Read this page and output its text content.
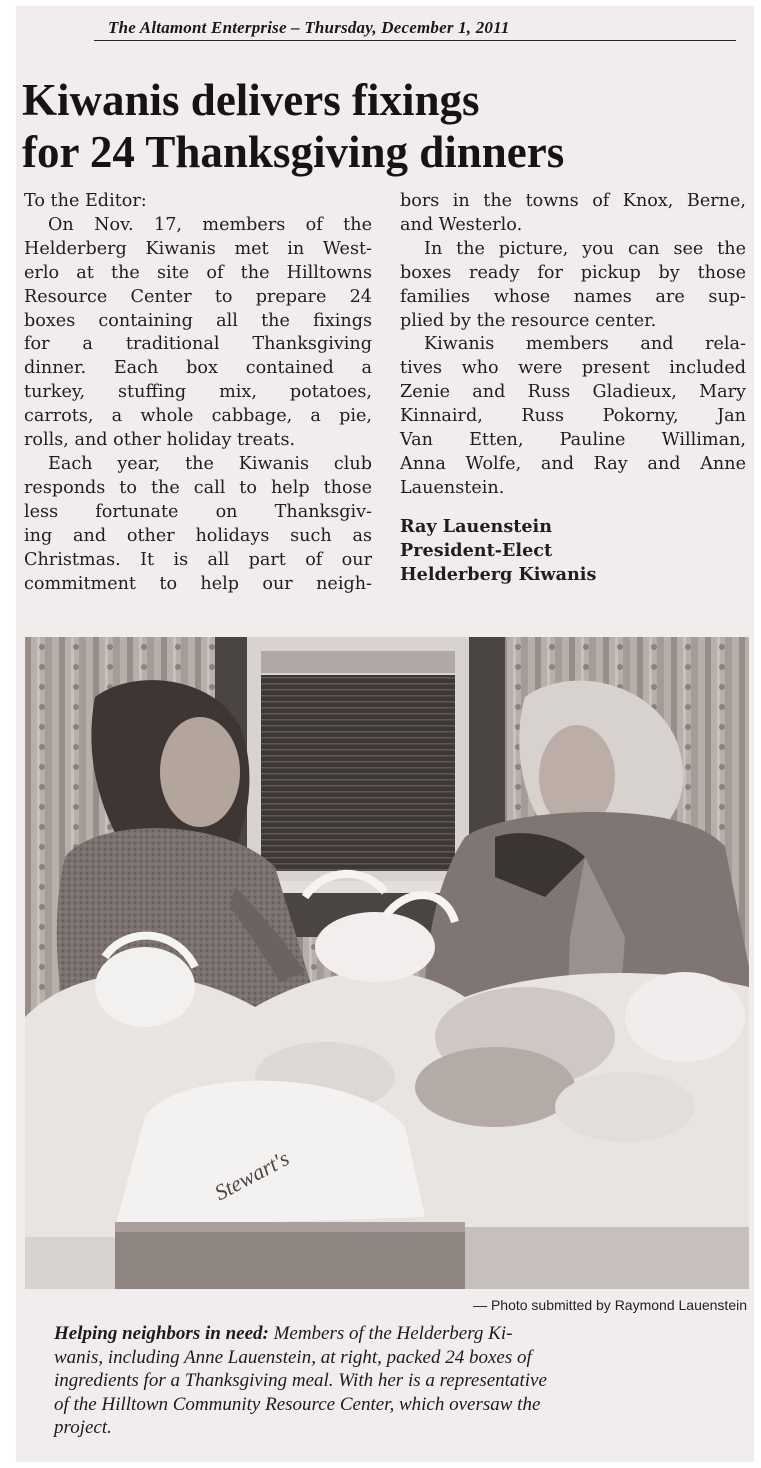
The Altamont Enterprise – Thursday, December 1, 2011
Kiwanis delivers fixings
for 24 Thanksgiving dinners

To the Editor:

On Nov. 17, members of the
Helderberg Kiwanis met in West-
erlo at the site of the Hilltowns
Resource Center to prepare 24
boxes containing all the fixings
for a traditional Thanksgiving
dinner. Each box contained a
turkey, stuffing mix, potatoes,
carrots, a whole cabbage, a pie,
rolls, and other holiday treats.
Each year, the Kiwanis club
responds to the call to help those
less fortunate on Thanksgiv-
ing and other holidays such as
Christmas. It is all part of our
commitment to help our neigh-

bors in the towns of Knox, Berne,
and Westerlo.
In the picture, you can see the
boxes ready for pickup by those
families whose names are sup-
plied by the resource center.
Kiwanis members and rela-
tives who were present included
Zenie and Russ Gladieux, Mary
Kinnaird, Russ Pokorny, Jan
Van Etten, Pauline Williman,
Anna Wolfe, and Ray and Anne
Lauenstein.

Ray Lauenstein
President-Elect
Helderberg Kiwanis
Stewart's
— Photo submitted by Raymond Lauenstein
Helping neighbors in need: Members of the Helderberg Ki-
wanis, including Anne Lauenstein, at right, packed 24 boxes of
ingredients for a Thanksgiving meal. With her is a representative
of the Hilltown Community Resource Center, which oversaw the
project.
